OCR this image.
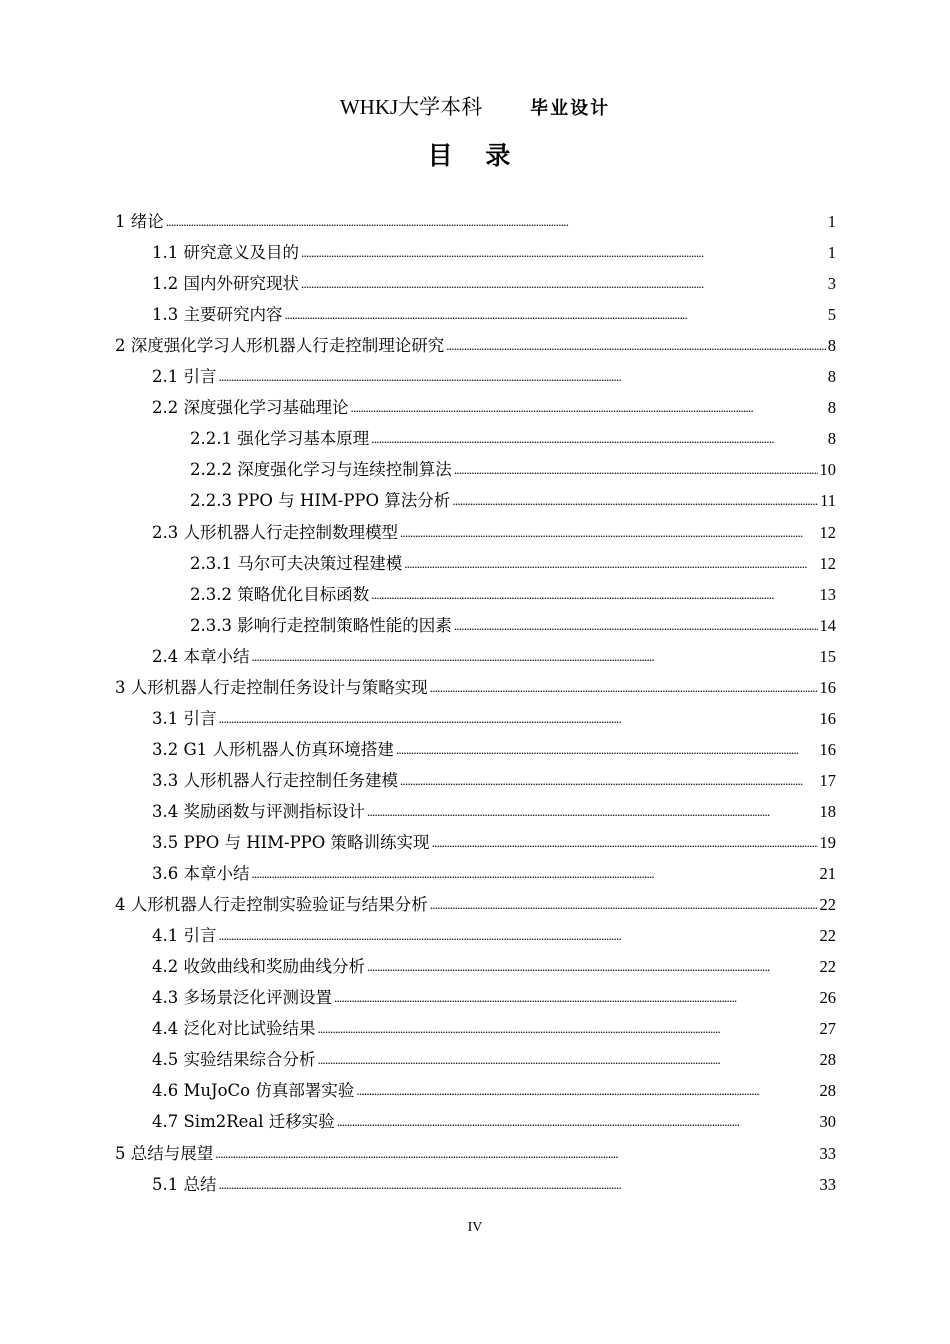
WHKJ大学本科	毕业设计
目 录
1 绪论 . . .	1
1.1 研究意义及目的 . . .	1
1.2 国内外研究现状 . . .	3
1.3 主要研究内容 . . .	5
2 深度强化学习人形机器人行走控制理论研究 . . .	8
2.1 引言 . . .	8
2.2 深度强化学习基础理论 . . .	8
2.2.1 强化学习基本原理 . . .	8
2.2.2 深度强化学习与连续控制算法 . . .	10
2.2.3 PPO 与 HIM-PPO 算法分析 . . .	11
2.3 人形机器人行走控制数理模型 . . .	12
2.3.1 马尔可夫决策过程建模 . . .	12
2.3.2 策略优化目标函数 . . .	13
2.3.3 影响行走控制策略性能的因素 . . .	14
2.4 本章小结 . . .	15
3 人形机器人行走控制任务设计与策略实现 . . .	16
3.1 引言 . . .	16
3.2 G1 人形机器人仿真环境搭建 . . .	16
3.3 人形机器人行走控制任务建模 . . .	17
3.4 奖励函数与评测指标设计 . . .	18
3.5 PPO 与 HIM-PPO 策略训练实现 . . .	19
3.6 本章小结 . . .	21
4 人形机器人行走控制实验验证与结果分析 . . .	22
4.1 引言 . . .	22
4.2 收敛曲线和奖励曲线分析 . . .	22
4.3 多场景泛化评测设置 . . .	26
4.4 泛化对比试验结果 . . .	27
4.5 实验结果综合分析 . . .	28
4.6 MuJoCo 仿真部署实验 . . .	28
4.7 Sim2Real 迁移实验 . . .	30
5 总结与展望 . . .	33
5.1 总结 . . .	33
IV
